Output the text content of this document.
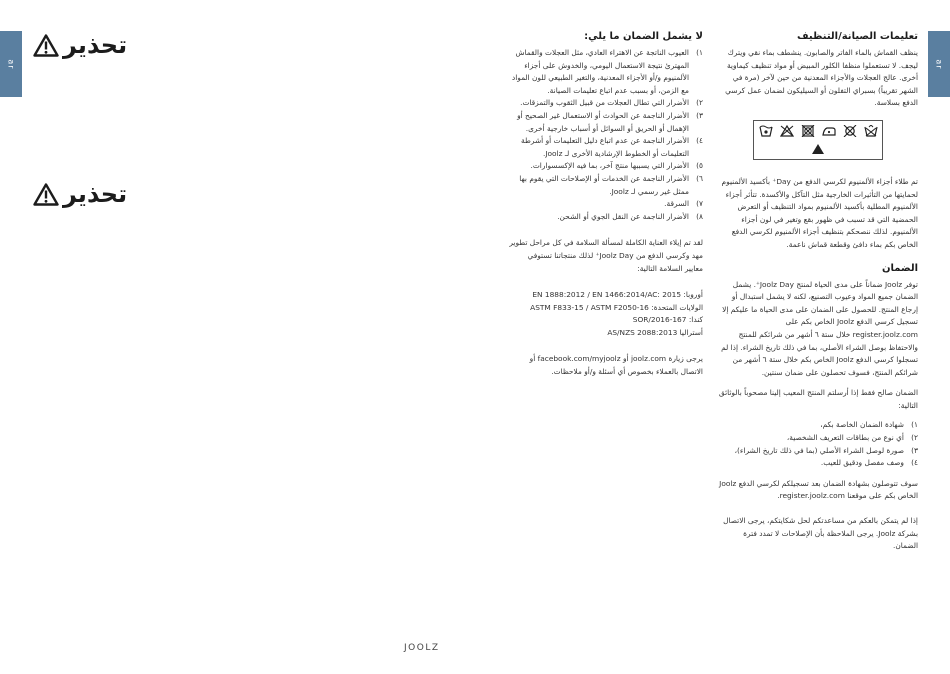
ar
تحذير
تحذير
لا يشمل الضمان ما يلي:
١)
العيوب الناتجة عن الاهتراء العادي، مثل العجلات والقماش المهترئ نتيجة الاستعمال اليومي، والخدوش على أجزاء الألمنيوم و/أو الأجزاء المعدنية، والتغير الطبيعي للون المواد مع الزمن، أو بسبب عدم اتباع تعليمات الصيانة.
٢)
الأضرار التي تطال العجلات من قبيل الثقوب والتمزقات.
٣)
الأضرار الناجمة عن الحوادث أو الاستعمال غير الصحيح أو الإهمال أو الحريق أو السوائل أو أسباب خارجية أخرى.
٤)
الأضرار الناجمة عن عدم اتباع دليل التعليمات أو أشرطة التعليمات أو الخطوط الإرشادية الأخرى لـ Joolz.
٥)
الأضرار التي يسببها منتج آخر، بما فيه الإكسسوارات.
٦)
الأضرار الناجمة عن الخدمات أو الإصلاحات التي يقوم بها ممثل غير رسمي لـ Joolz.
٧)
السرقة.
٨)
الأضرار الناجمة عن النقل الجوي أو الشحن.

لقد تم إيلاء العناية الكاملة لمسألة السلامة في كل مراحل تطوير مهد وكرسي الدفع من Joolz Day⁺ لذلك منتجاتنا تستوفي معايير السلامة التالية:

أوروبا: EN 1888:2012 / EN 1466:2014/AC: 2015
الولايات المتحدة: ASTM F833-15 / ASTM F2050-16
كندا: SOR/2016-167
أستراليا AS/NZS 2088:2013

يرجى زيارة joolz.com أو facebook.com/myjoolz أو الاتصال بالعملاء بخصوص أي أسئلة و/أو ملاحظات.

ar
تعليمات الصيانة/التنظيف

ينظف القماش بالماء الفاتر والصابون. ينشطف بماء نقي ويترك ليجف. لا تستعملوا منظفا الكلور المبيض أو مواد تنظيف كيماوية أخرى. عالج العجلات والأجزاء المعدنية من حين لآخر (مرة في الشهر تقريباً) بسبراي التفلون أو السيليكون لضمان عمل كرسي الدفع بسلاسة.

تم طلاء أجزاء الألمنيوم لكرسي الدفع من Day⁺ بأكسيد الألمنيوم لحمايتها من التأثيرات الخارجية مثل التآكل والأكسدة. تتأثر أجزاء الألمنيوم المطلية بأكسيد الألمنيوم بمواد التنظيف أو التعرض الحمضية التي قد تسبب في ظهور بقع وتغير في لون أجزاء الألمنيوم. لذلك ننصحكم بتنظيف أجزاء الألمنيوم لكرسي الدفع الخاص بكم بماء دافئ وقطعة قماش ناعمة.

الضمان

توفر Joolz ضماناً على مدى الحياة لمنتج Joolz Day⁺. يشمل الضمان جميع المواد وعيوب التصنيع، لكنه لا يشمل استبدال أو إرجاع المنتج. للحصول على الضمان على مدى الحياة ما عليكم إلا تسجيل كرسي الدفع Joolz الخاص بكم على register.joolz.com خلال ستة ٦ أشهر من شرائكم للمنتج والاحتفاظ بوصل الشراء الأصلي، بما في ذلك تاريخ الشراء. إذا لم تسجلوا كرسي الدفع Joolz الخاص بكم خلال ستة ٦ أشهر من شرائكم المنتج، فسوف تحصلون على ضمان سنتين.

الضمان صالح فقط إذا أرسلتم المنتج المعيب إلينا مصحوباً بالوثائق التالية:

١)
شهادة الضمان الخاصة بكم،
٢)
أي نوع من بطاقات التعريف الشخصية،
٣)
صورة لوصل الشراء الأصلي (بما في ذلك تاريخ الشراء)،
٤)
وصف مفصل ودقيق للعيب.

سوف تتوصلون بشهادة الضمان بعد تسجيلكم لكرسي الدفع Joolz الخاص بكم على موقعنا register.joolz.com.

إذا لم يتمكن بالعكم من مساعدتكم لحل شكايتكم، يرجى الاتصال بشركة Joolz. يرجى الملاحظة بأن الإصلاحات لا تمدد فترة الضمان.

JOOLZ
